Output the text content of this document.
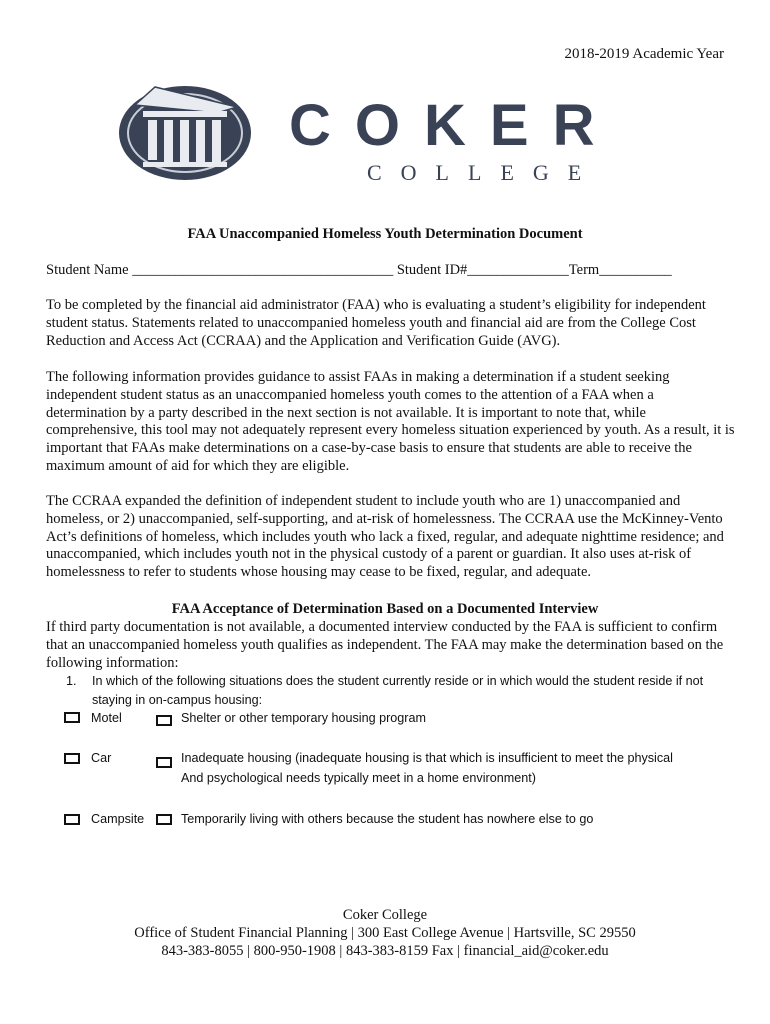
2018-2019 Academic Year
COKER
COLLEGE
FAA Unaccompanied Homeless Youth Determination Document
Student Name ____________________________________ Student ID#______________Term__________
To be completed by the financial aid administrator (FAA) who is evaluating a student’s eligibility for independent student status. Statements related to unaccompanied homeless youth and financial aid are from the College Cost Reduction and Access Act (CCRAA) and the Application and Verification Guide (AVG).
The following information provides guidance to assist FAAs in making a determination if a student seeking independent student status as an unaccompanied homeless youth comes to the attention of a FAA when a determination by a party described in the next section is not available. It is important to note that, while comprehensive, this tool may not adequately represent every homeless situation experienced by youth. As a result, it is important that FAAs make determinations on a case-by-case basis to ensure that students are able to receive the maximum amount of aid for which they are eligible.
The CCRAA expanded the definition of independent student to include youth who are 1) unaccompanied and homeless, or 2) unaccompanied, self-supporting, and at-risk of homelessness. The CCRAA use the McKinney-Vento Act’s definitions of homeless, which includes youth who lack a fixed, regular, and adequate nighttime residence; and unaccompanied, which includes youth not in the physical custody of a parent or guardian. It also uses at-risk of homelessness to refer to students whose housing may cease to be fixed, regular, and adequate.
FAA Acceptance of Determination Based on a Documented Interview
If third party documentation is not available, a documented interview conducted by the FAA is sufficient to confirm that an unaccompanied homeless youth qualifies as independent. The FAA may make the determination based on the following information:
1. In which of the following situations does the student currently reside or in which would the student reside if not staying in on-campus housing:
Motel	Shelter or other temporary housing program
Car	Inadequate housing (inadequate housing is that which is insufficient to meet the physical
And psychological needs typically meet in a home environment)
Campsite	Temporarily living with others because the student has nowhere else to go
Coker College
Office of Student Financial Planning | 300 East College Avenue | Hartsville, SC 29550
843-383-8055 | 800-950-1908 | 843-383-8159 Fax | financial_aid@coker.edu
